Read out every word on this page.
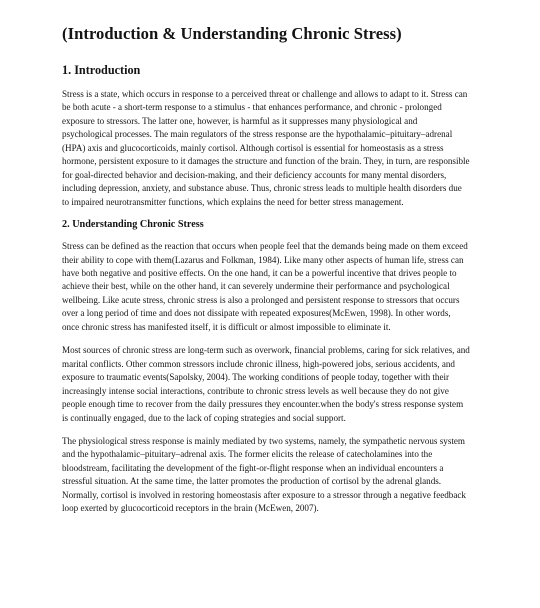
(Introduction & Understanding Chronic Stress)
1. Introduction

Stress is a state, which occurs in response to a perceived threat or challenge and allows to adapt to it. Stress can be both acute - a short-term response to a stimulus - that enhances performance, and chronic - prolonged exposure to stressors. The latter one, however, is harmful as it suppresses many physiological and psychological processes. The main regulators of the stress response are the hypothalamic–pituitary–adrenal (HPA) axis and glucocorticoids, mainly cortisol. Although cortisol is essential for homeostasis as a stress hormone, persistent exposure to it damages the structure and function of the brain. They, in turn, are responsible for goal-directed behavior and decision-making, and their deficiency accounts for many mental disorders, including depression, anxiety, and substance abuse. Thus, chronic stress leads to multiple health disorders due to impaired neurotransmitter functions, which explains the need for better stress management.

2. Understanding Chronic Stress

Stress can be defined as the reaction that occurs when people feel that the demands being made on them exceed their ability to cope with them(Lazarus and Folkman, 1984). Like many other aspects of human life, stress can have both negative and positive effects. On the one hand, it can be a powerful incentive that drives people to achieve their best, while on the other hand, it can severely undermine their performance and psychological wellbeing. Like acute stress, chronic stress is also a prolonged and persistent response to stressors that occurs over a long period of time and does not dissipate with repeated exposures(McEwen, 1998). In other words, once chronic stress has manifested itself, it is difficult or almost impossible to eliminate it.

Most sources of chronic stress are long-term such as overwork, financial problems, caring for sick relatives, and marital conflicts. Other common stressors include chronic illness, high-powered jobs, serious accidents, and exposure to traumatic events(Sapolsky, 2004). The working conditions of people today, together with their increasingly intense social interactions, contribute to chronic stress levels as well because they do not give people enough time to recover from the daily pressures they encounter.when the body's stress response system is continually engaged, due to the lack of coping strategies and social support.

The physiological stress response is mainly mediated by two systems, namely, the sympathetic nervous system and the hypothalamic–pituitary–adrenal axis. The former elicits the release of catecholamines into the bloodstream, facilitating the development of the fight-or-flight response when an individual encounters a stressful situation. At the same time, the latter promotes the production of cortisol by the adrenal glands. Normally, cortisol is involved in restoring homeostasis after exposure to a stressor through a negative feedback loop exerted by glucocorticoid receptors in the brain (McEwen, 2007).
